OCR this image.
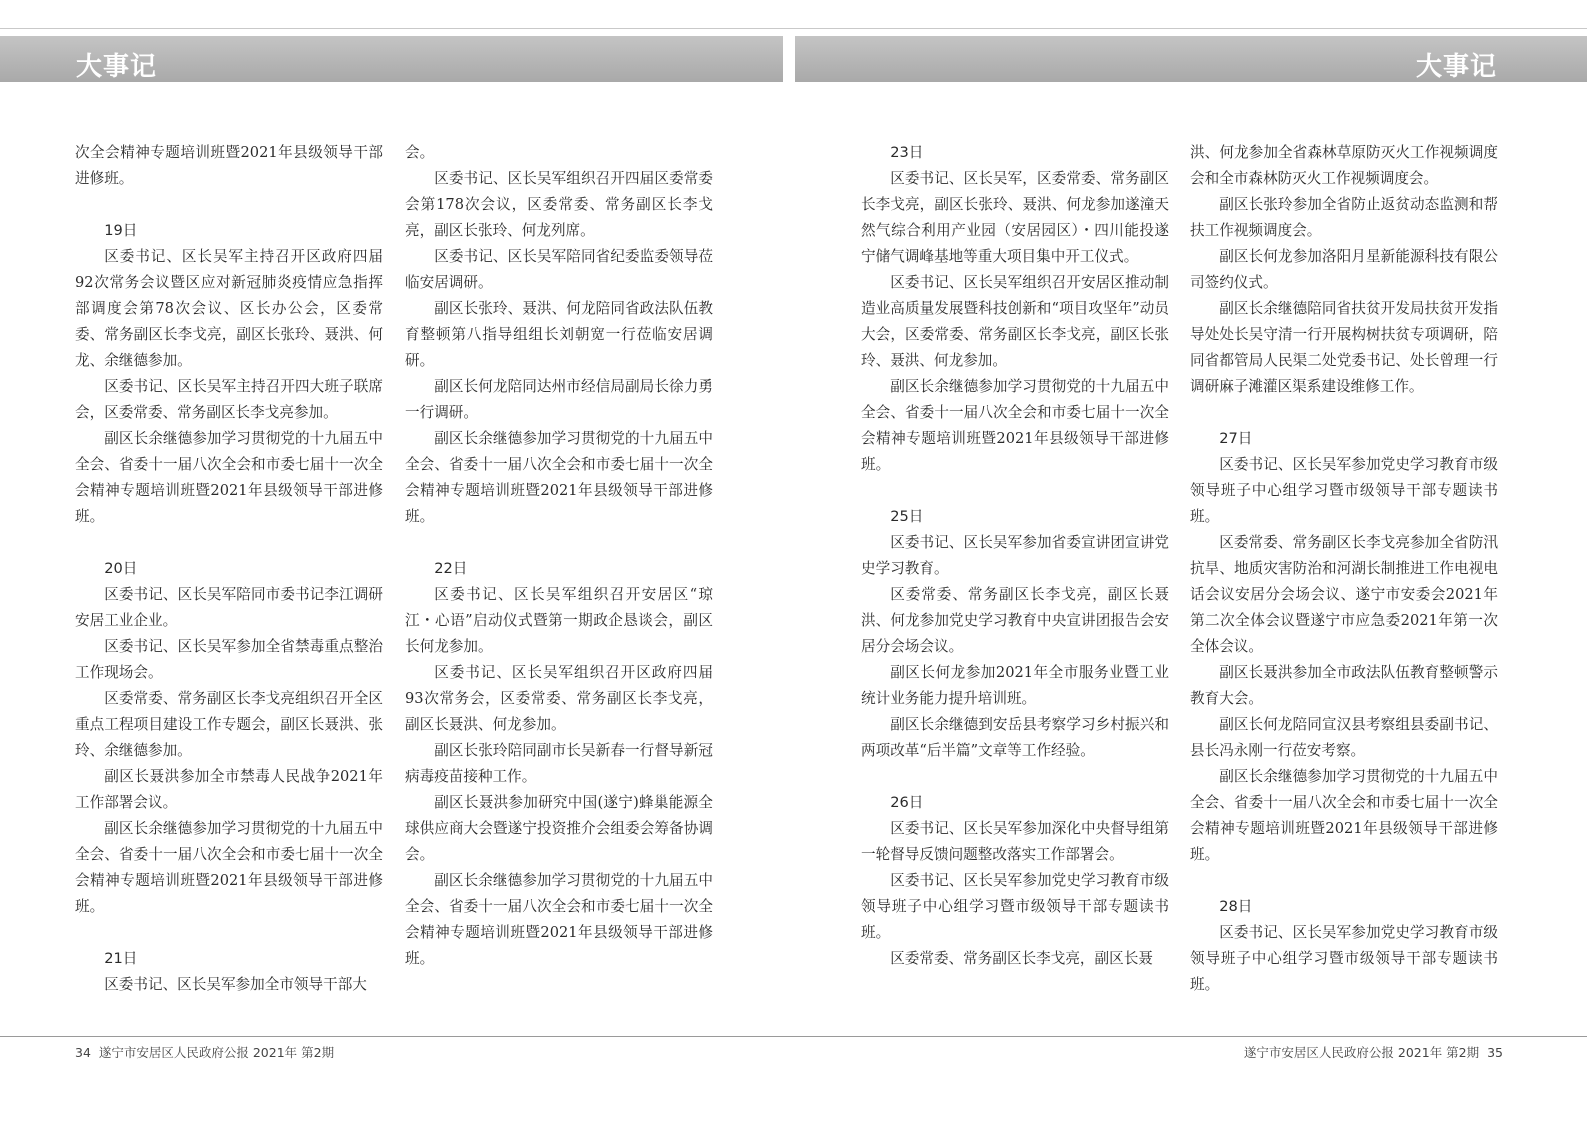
大事记	大事记

次全会精神专题培训班暨2021年县级领导干部进修班。

19日

区委书记、区长吴军主持召开区政府四届92次常务会议暨区应对新冠肺炎疫情应急指挥部调度会第78次会议、区长办公会，区委常委、常务副区长李戈亮，副区长张玲、聂洪、何龙、余继德参加。

区委书记、区长吴军主持召开四大班子联席会，区委常委、常务副区长李戈亮参加。

副区长余继德参加学习贯彻党的十九届五中全会、省委十一届八次全会和市委七届十一次全会精神专题培训班暨2021年县级领导干部进修班。

20日

区委书记、区长吴军陪同市委书记李江调研安居工业企业。

区委书记、区长吴军参加全省禁毒重点整治工作现场会。

区委常委、常务副区长李戈亮组织召开全区重点工程项目建设工作专题会，副区长聂洪、张玲、余继德参加。

副区长聂洪参加全市禁毒人民战争2021年工作部署会议。

副区长余继德参加学习贯彻党的十九届五中全会、省委十一届八次全会和市委七届十一次全会精神专题培训班暨2021年县级领导干部进修班。

21日

区委书记、区长吴军参加全市领导干部大

会。

区委书记、区长吴军组织召开四届区委常委会第178次会议，区委常委、常务副区长李戈亮，副区长张玲、何龙列席。

区委书记、区长吴军陪同省纪委监委领导莅临安居调研。

副区长张玲、聂洪、何龙陪同省政法队伍教育整顿第八指导组组长刘朝宽一行莅临安居调研。

副区长何龙陪同达州市经信局副局长徐力勇一行调研。

副区长余继德参加学习贯彻党的十九届五中全会、省委十一届八次全会和市委七届十一次全会精神专题培训班暨2021年县级领导干部进修班。

22日

区委书记、区长吴军组织召开安居区“琼江・心语”启动仪式暨第一期政企恳谈会，副区长何龙参加。

区委书记、区长吴军组织召开区政府四届93次常务会，区委常委、常务副区长李戈亮，副区长聂洪、何龙参加。

副区长张玲陪同副市长吴新春一行督导新冠病毒疫苗接种工作。

副区长聂洪参加研究中国(遂宁)蜂巢能源全球供应商大会暨遂宁投资推介会组委会筹备协调会。

副区长余继德参加学习贯彻党的十九届五中全会、省委十一届八次全会和市委七届十一次全会精神专题培训班暨2021年县级领导干部进修班。

23日

区委书记、区长吴军，区委常委、常务副区长李戈亮，副区长张玲、聂洪、何龙参加遂潼天然气综合利用产业园（安居园区）・四川能投遂宁储气调峰基地等重大项目集中开工仪式。

区委书记、区长吴军组织召开安居区推动制造业高质量发展暨科技创新和“项目攻坚年”动员大会，区委常委、常务副区长李戈亮，副区长张玲、聂洪、何龙参加。

副区长余继德参加学习贯彻党的十九届五中全会、省委十一届八次全会和市委七届十一次全会精神专题培训班暨2021年县级领导干部进修班。

25日

区委书记、区长吴军参加省委宣讲团宣讲党史学习教育。

区委常委、常务副区长李戈亮，副区长聂洪、何龙参加党史学习教育中央宣讲团报告会安居分会场会议。

副区长何龙参加2021年全市服务业暨工业统计业务能力提升培训班。

副区长余继德到安岳县考察学习乡村振兴和两项改革“后半篇”文章等工作经验。

26日

区委书记、区长吴军参加深化中央督导组第一轮督导反馈问题整改落实工作部署会。

区委书记、区长吴军参加党史学习教育市级领导班子中心组学习暨市级领导干部专题读书班。

区委常委、常务副区长李戈亮，副区长聂

洪、何龙参加全省森林草原防灭火工作视频调度会和全市森林防灭火工作视频调度会。

副区长张玲参加全省防止返贫动态监测和帮扶工作视频调度会。

副区长何龙参加洛阳月星新能源科技有限公司签约仪式。

副区长余继德陪同省扶贫开发局扶贫开发指导处处长吴守清一行开展构树扶贫专项调研，陪同省都管局人民渠二处党委书记、处长曾理一行调研麻子滩灌区渠系建设维修工作。

27日

区委书记、区长吴军参加党史学习教育市级领导班子中心组学习暨市级领导干部专题读书班。

区委常委、常务副区长李戈亮参加全省防汛抗旱、地质灾害防治和河湖长制推进工作电视电话会议安居分会场会议、遂宁市安委会2021年第二次全体会议暨遂宁市应急委2021年第一次全体会议。

副区长聂洪参加全市政法队伍教育整顿警示教育大会。

副区长何龙陪同宣汉县考察组县委副书记、县长冯永刚一行莅安考察。

副区长余继德参加学习贯彻党的十九届五中全会、省委十一届八次全会和市委七届十一次全会精神专题培训班暨2021年县级领导干部进修班。

28日

区委书记、区长吴军参加党史学习教育市级领导班子中心组学习暨市级领导干部专题读书班。

34 遂宁市安居区人民政府公报 2021年 第2期	遂宁市安居区人民政府公报 2021年 第2期 35
